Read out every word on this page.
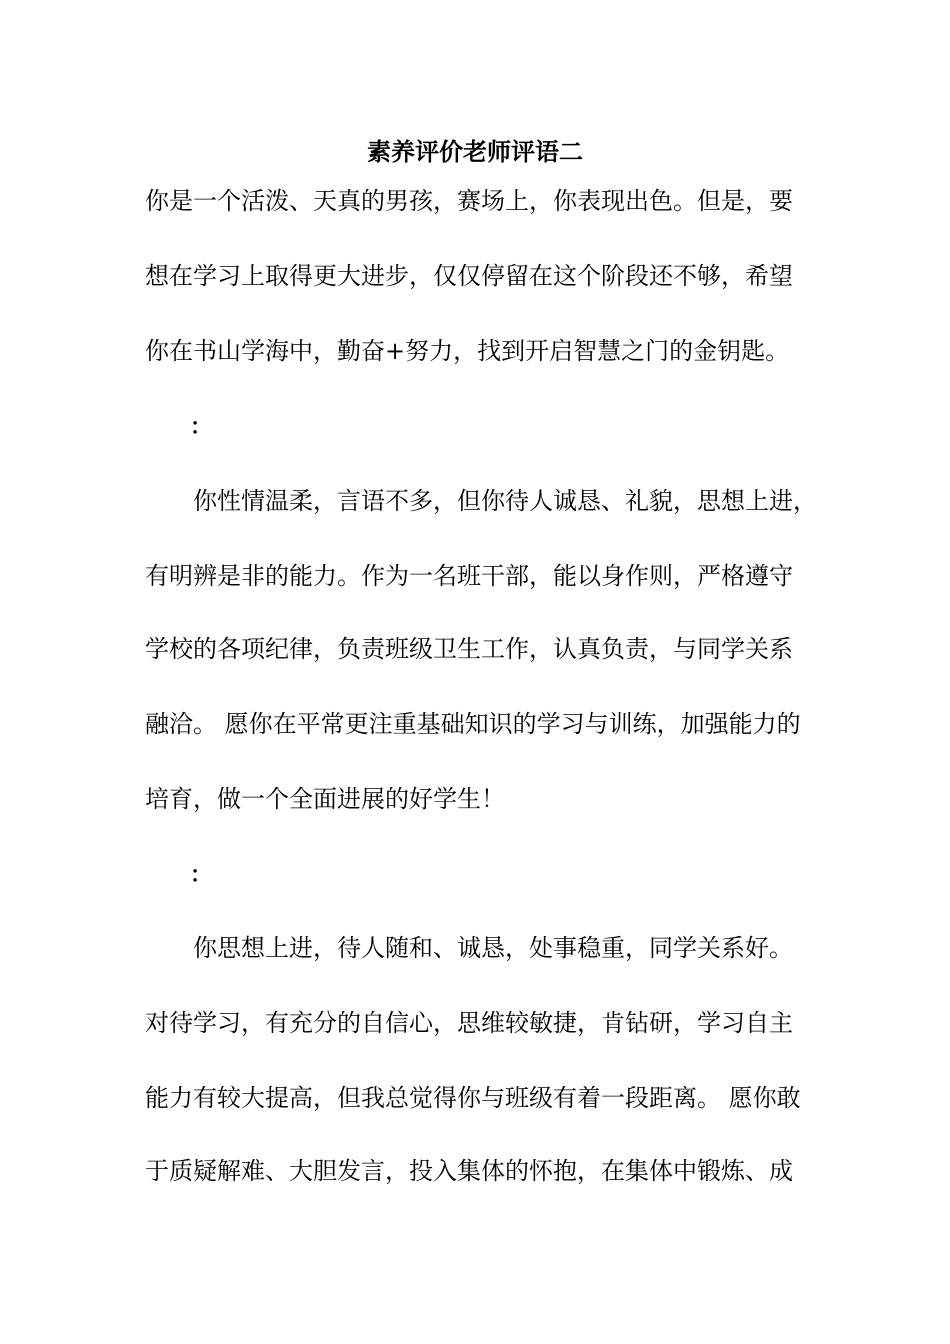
素养评价老师评语二
你是一个活泼、天真的男孩，赛场上，你表现出色。但是，要
想在学习上取得更大进步，仅仅停留在这个阶段还不够，希望
你在书山学海中，勤奋+努力，找到开启智慧之门的金钥匙。
：
你性情温柔，言语不多，但你待人诚恳、礼貌，思想上进，
有明辨是非的能力。作为一名班干部，能以身作则，严格遵守
学校的各项纪律，负责班级卫生工作，认真负责，与同学关系
融洽。 愿你在平常更注重基础知识的学习与训练，加强能力的
培育，做一个全面进展的好学生！
：
你思想上进，待人随和、诚恳，处事稳重，同学关系好。
对待学习，有充分的自信心，思维较敏捷，肯钻研，学习自主
能力有较大提高，但我总觉得你与班级有着一段距离。 愿你敢
于质疑解难、大胆发言，投入集体的怀抱，在集体中锻炼、成
